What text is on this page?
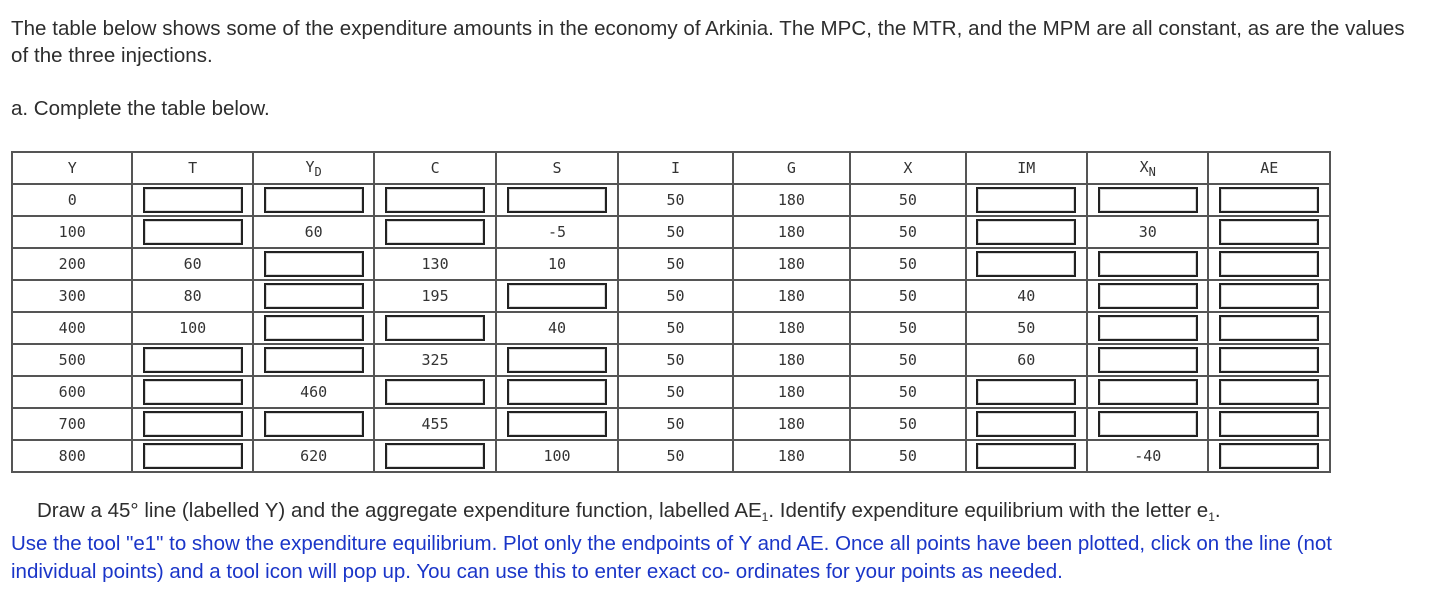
The table below shows some of the expenditure amounts in the economy of Arkinia. The MPC, the MTR, and the MPM are all constant, as are the values of the three injections.
a. Complete the table below.
Y	T	$Y_D$	C	S	I	G	X	IM	$X_N$	AE
0					50	180	50	

100		60		-5	50	180	50		30	

200	60		130	10	50	180	50	

300	80		195		50	180	50	40	

400	100			40	50	180	50	50	

500			325		50	180	50	60	

600		460			50	180	50	

700			455		50	180	50	

800		620		100	50	180	50		-40	
Draw a 45° line (labelled Y) and the aggregate expenditure function, labelled $AE_1$. Identify expenditure equilibrium with the letter $e_1$.
Use the tool "e1" to show the expenditure equilibrium. Plot only the endpoints of Y and AE. Once all points have been plotted, click on the line (not individual points) and a tool icon will pop up. You can use this to enter exact co- ordinates for your points as needed.
